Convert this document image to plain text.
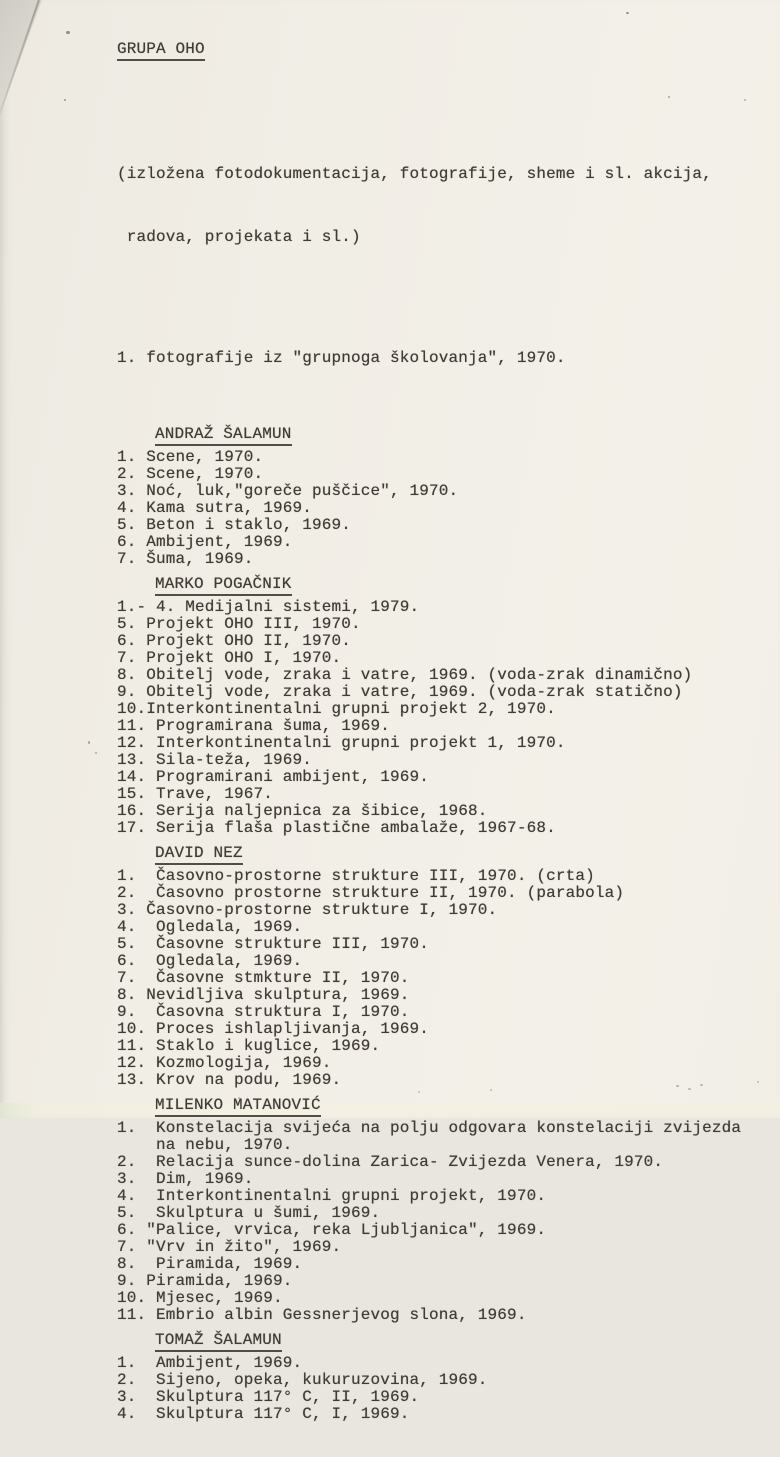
GRUPA OHO

(izložena fotodokumentacija, fotografije, sheme i sl. akcija,

radova, projekata i sl.)

1. fotografije iz "grupnoga školovanja", 1970.

ANDRAŽ ŠALAMUN
1. Scene, 1970.
2. Scene, 1970.
3. Noć, luk,"goreče puščice", 1970.
4. Kama sutra, 1969.
5. Beton i staklo, 1969.
6. Ambijent, 1969.
7. Šuma, 1969.
MARKO POGAČNIK
1.- 4. Medijalni sistemi, 1979.
5. Projekt OHO III, 1970.
6. Projekt OHO II, 1970.
7. Projekt OHO I, 1970.
8. Obitelj vode, zraka i vatre, 1969. (voda-zrak dinamično)
9. Obitelj vode, zraka i vatre, 1969. (voda-zrak statično)
10.Interkontinentalni grupni projekt 2, 1970.
11. Programirana šuma, 1969.
12. Interkontinentalni grupni projekt 1, 1970.
13. Sila-teža, 1969.
14. Programirani ambijent, 1969.
15. Trave, 1967.
16. Serija naljepnica za šibice, 1968.
17. Serija flaša plastične ambalaže, 1967-68.
DAVID NEZ
1.  Časovno-prostorne strukture III, 1970. (crta)
2.  Časovno prostorne strukture II, 1970. (parabola)
3. Časovno-prostorne strukture I, 1970.
4.  Ogledala, 1969.
5.  Časovne strukture III, 1970.
6.  Ogledala, 1969.
7.  Časovne stmkture II, 1970.
8. Nevidljiva skulptura, 1969.
9.  Časovna struktura I, 1970.
10. Proces ishlapljivanja, 1969.
11. Staklo i kuglice, 1969.
12. Kozmologija, 1969.
13. Krov na podu, 1969.
MILENKO MATANOVIĆ
1.  Konstelacija svijeća na polju odgovara konstelaciji zvijezda
na nebu, 1970.
2.  Relacija sunce-dolina Zarica- Zvijezda Venera, 1970.
3.  Dim, 1969.
4.  Interkontinentalni grupni projekt, 1970.
5.  Skulptura u šumi, 1969.
6. "Palice, vrvica, reka Ljubljanica", 1969.
7. "Vrv in žito", 1969.
8.  Piramida, 1969.
9. Piramida, 1969.
10. Mjesec, 1969.
11. Embrio albin Gessnerjevog slona, 1969.
TOMAŽ ŠALAMUN
1.  Ambijent, 1969.
2.  Sijeno, opeka, kukuruzovina, 1969.
3.  Skulptura 117° C, II, 1969.
4.  Skulptura 117° C, I, 1969.
